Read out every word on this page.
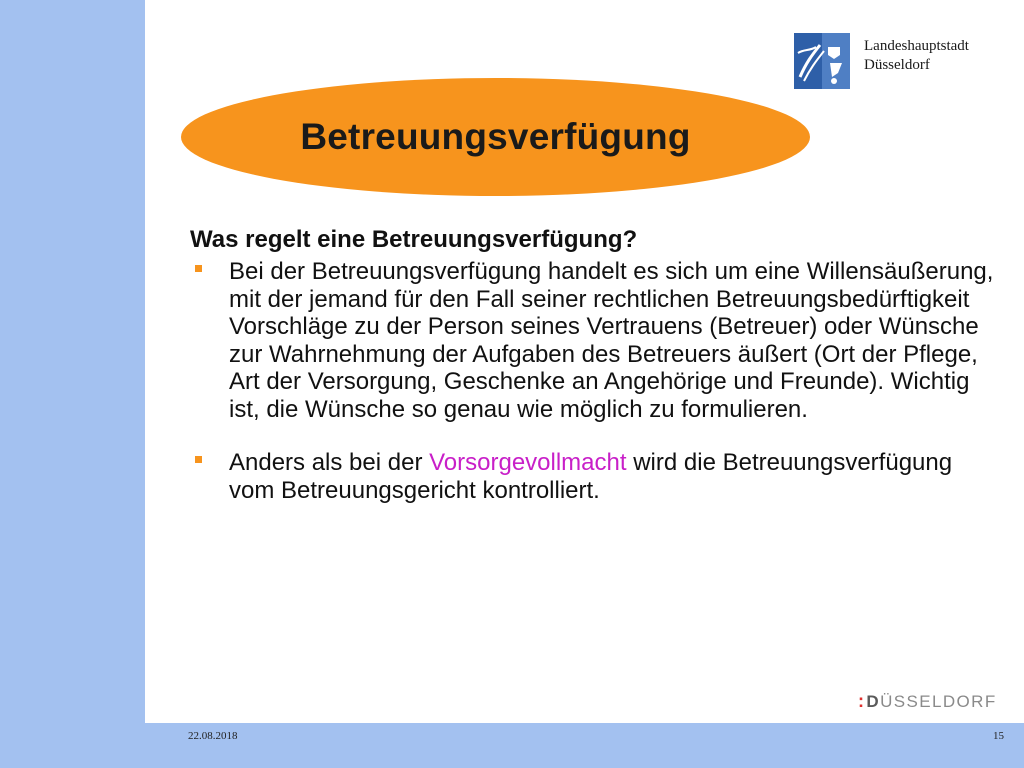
Landeshauptstadt
Düsseldorf
Betreuungsverfügung

Was regelt eine Betreuungsverfügung?

Bei der Betreuungsverfügung handelt es sich um eine Willensäußerung, mit der jemand für den Fall seiner rechtlichen Betreuungsbedürftigkeit Vorschläge zu der Person seines Vertrauens (Betreuer) oder Wünsche zur Wahrnehmung der Aufgaben des Betreuers äußert (Ort der Pflege, Art der Versorgung, Geschenke an Angehörige und Freunde). Wichtig ist, die Wünsche so genau wie möglich zu formulieren.
Anders als bei der Vorsorgevollmacht wird die Betreuungsverfügung vom Betreuungsgericht kontrolliert.
: D ÜSSELDORF
22.08.2018	15
